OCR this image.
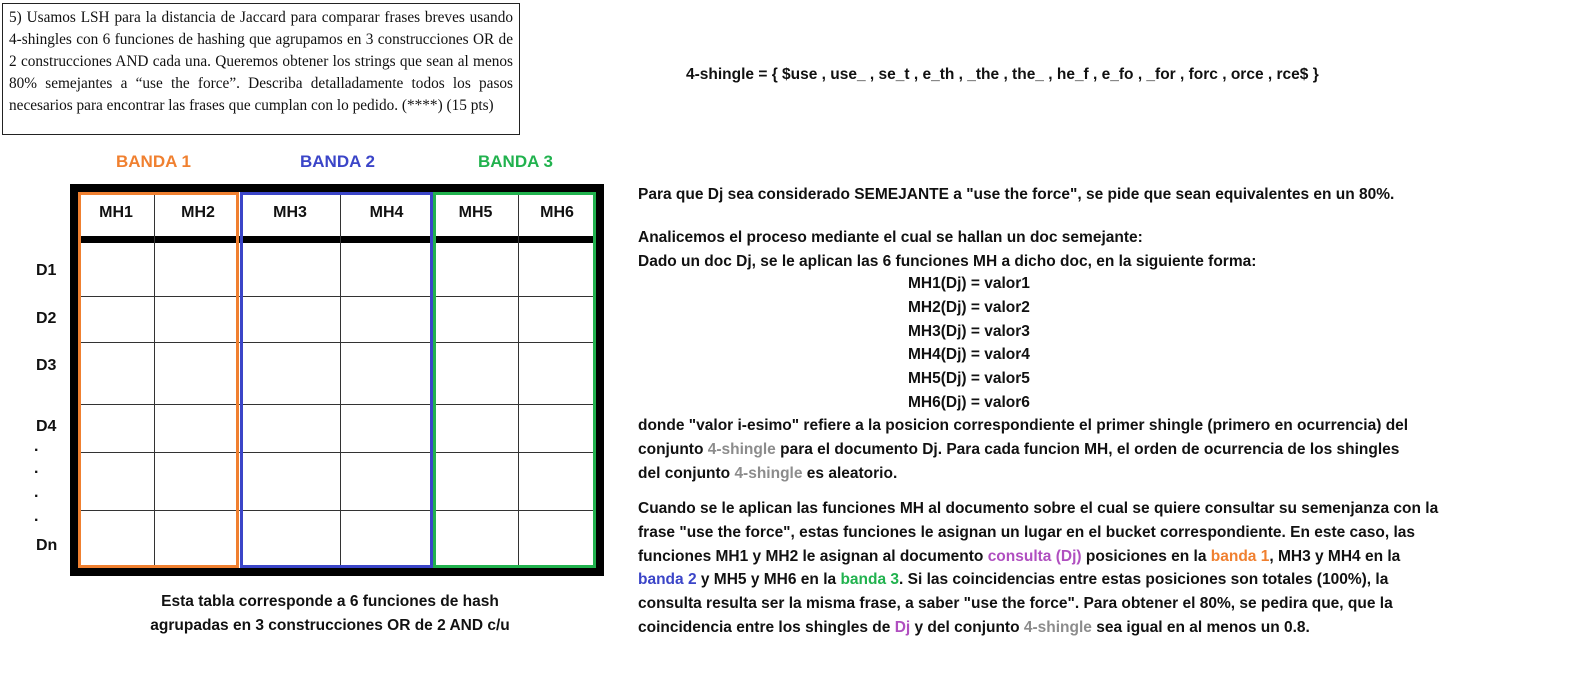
5) Usamos LSH para la distancia de Jaccard para comparar frases breves usando 4-shingles con 6 funciones de hashing que agrupamos en 3 construcciones OR de 2 construcciones AND cada una. Queremos obtener los strings que sean al menos 80% semejantes a “use the force”. Describa detalladamente todos los pasos necesarios para encontrar las frases que cumplan con lo pedido. (****) (15 pts)
4-shingle = { $use , use_ , se_t , e_th , _the , the_ , he_f , e_fo , _for , forc , orce , rce$ }
BANDA 1	BANDA 2	BANDA 3
D1
D2
D3
D4
.
.
.
.
Dn
MH1	MH2	MH3	MH4	MH5	MH6
Esta tabla corresponde a 6 funciones de hash
agrupadas en 3 construcciones OR de 2 AND c/u
Para que Dj sea considerado SEMEJANTE a "use the force", se pide que sean equivalentes en un 80%.
Analicemos el proceso mediante el cual se hallan un doc semejante:
Dado un doc Dj, se le aplican las 6 funciones MH a dicho doc, en la siguiente forma:
MH1(Dj) = valor1
MH2(Dj) = valor2
MH3(Dj) = valor3
MH4(Dj) = valor4
MH5(Dj) = valor5
MH6(Dj) = valor6
donde "valor i-esimo" refiere a la posicion correspondiente el primer shingle (primero en ocurrencia) del
conjunto 4-shingle para el documento Dj. Para cada funcion MH, el orden de ocurrencia de los shingles
del conjunto 4-shingle es aleatorio.
Cuando se le aplican las funciones MH al documento sobre el cual se quiere consultar su semenjanza con la
frase "use the force", estas funciones le asignan un lugar en el bucket correspondiente. En este caso, las
funciones MH1 y MH2 le asignan al documento consulta (Dj) posiciones en la banda 1, MH3 y MH4 en la
banda 2 y MH5 y MH6 en la banda 3. Si las coincidencias entre estas posiciones son totales (100%), la
consulta resulta ser la misma frase, a saber "use the force". Para obtener el 80%, se pedira que, que la
coincidencia entre los shingles de Dj y del conjunto 4-shingle sea igual en al menos un 0.8.
